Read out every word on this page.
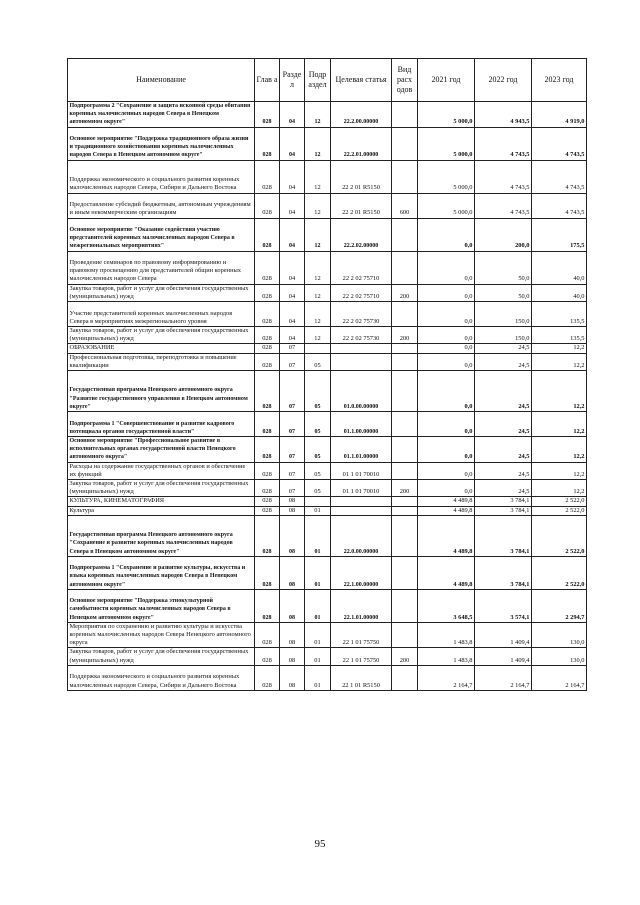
Наименование	Глав а	Разде л	Подр аздел	Целевая статья	Вид расх одов	2021 год	2022 год	2023 год
Подпрограмма 2 "Сохранение и защита исконной среды обитания коренных малочисленных народов Севера в Ненецком автономном округе"	028	04	12	22.2.00.00000		5 000,0	4 943,5	4 919,0
Основное мероприятие "Поддержка традиционного образа жизни и традиционного хозяйствования коренных малочисленных народов Севера в Ненецком автономном округе"	028	04	12	22.2.01.00000		5 000,0	4 743,5	4 743,5
Поддержка экономического и социального развития коренных малочисленных народов Севера, Сибири и Дальнего Востока	028	04	12	22 2 01 R5150		5 000,0	4 743,5	4 743,5
Предоставление субсидий бюджетным, автономным учреждениям и иным некоммерческим организациям	028	04	12	22 2 01 R5150	600	5 000,0	4 743,5	4 743,5
Основное мероприятие "Оказание содействия участию представителей коренных малочисленных народов Севера в межрегиональных мероприятиях"	028	04	12	22.2.02.00000		0,0	200,0	175,5
Проведение семинаров по правовому информированию и правовому просвещению для представителей общин коренных малочисленных народов Севера	028	04	12	22 2 02 75710		0,0	50,0	40,0
Закупка товаров, работ и услуг для обеспечения государственных (муниципальных) нужд	028	04	12	22 2 02 75710	200	0,0	50,0	40,0
Участие представителей коренных малочисленных народов Севера в мероприятиях межрегионального уровня	028	04	12	22 2 02 75730		0,0	150,0	135,5
Закупка товаров, работ и услуг для обеспечения государственных (муниципальных) нужд	028	04	12	22 2 02 75730	200	0,0	150,0	135,5
ОБРАЗОВАНИЕ	028	07				0,0	24,5	12,2
Профессиональная подготовка, переподготовка и повышение квалификации	028	07	05			0,0	24,5	12,2
Государственная программа Ненецкого автономного округа "Развитие государственного управления в Ненецком автономном округе"	028	07	05	01.0.00.00000		0,0	24,5	12,2
Подпрограмма 1 "Совершенствование и развитие кадрового потенциала органов государственной власти"	028	07	05	01.1.00.00000		0,0	24,5	12,2
Основное мероприятие "Профессиональное развитие в исполнительных органах государственной власти Ненецкого автономного округа"	028	07	05	01.1.01.00000		0,0	24,5	12,2
Расходы на содержание государственных органов и обеспечение их функций	028	07	05	01 1 01 70010		0,0	24,5	12,2
Закупка товаров, работ и услуг для обеспечения государственных (муниципальных) нужд	028	07	05	01 1 01 70010	200	0,0	24,5	12,2
КУЛЬТУРА, КИНЕМАТОГРАФИЯ	028	08				4 489,8	3 784,1	2 522,0
Культура	028	08	01			4 489,8	3 784,1	2 522,0
Государственная программа Ненецкого автономного округа "Сохранение и развитие коренных малочисленных народов Севера в Ненецком автономном округе"	028	08	01	22.0.00.00000		4 489,8	3 784,1	2 522,0
Подпрограмма 1 "Сохранение и развитие культуры, искусства и языка коренных малочисленных народов Севера в Ненецком автономном округе"	028	08	01	22.1.00.00000		4 489,8	3 784,1	2 522,0
Основное мероприятие "Поддержка этнокультурной самобытности коренных малочисленных народов Севера в Ненецком автономном округе"	028	08	01	22.1.01.00000		3 648,5	3 574,1	2 294,7
Мероприятия по сохранению и развитию культуры и искусства коренных малочисленных народов Севера Ненецкого автономного округа	028	08	01	22 1 01 75750		1 483,8	1 409,4	130,0
Закупка товаров, работ и услуг для обеспечения государственных (муниципальных) нужд	028	08	01	22 1 01 75750	200	1 483,8	1 409,4	130,0
Поддержка экономического и социального развития коренных малочисленных народов Севера, Сибири и Дальнего Востока	028	08	01	22 1 01 R5150		2 164,7	2 164,7	2 164,7
95
